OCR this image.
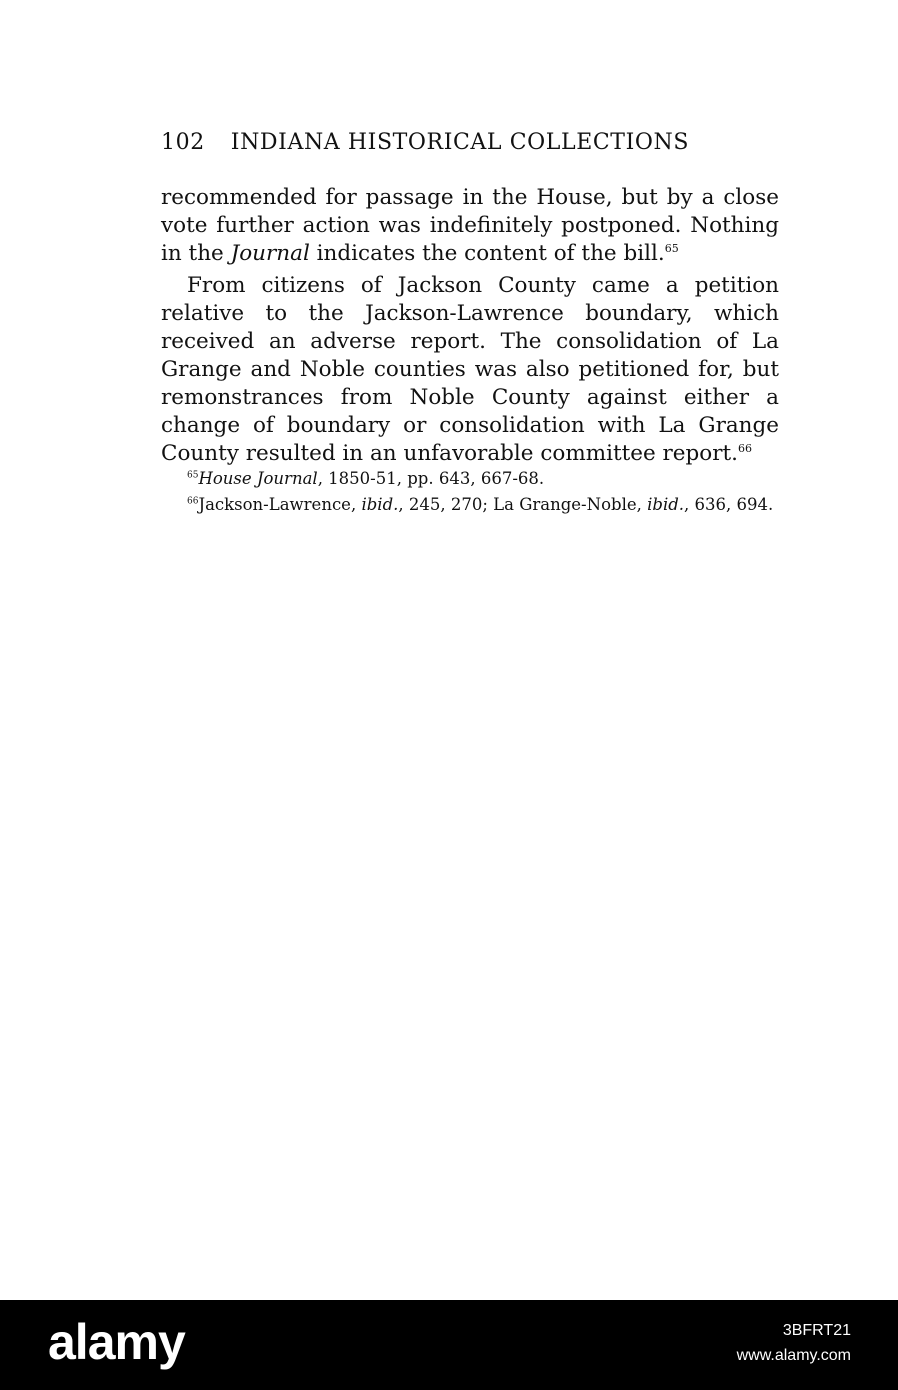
102 INDIANA HISTORICAL COLLECTIONS

recommended for passage in the House, but by a close vote further action was indefinitely postponed. Nothing in the Journal indicates the content of the bill.$^{65}$

From citizens of Jackson County came a petition relative to the Jackson-Lawrence boundary, which received an adverse report. The consolidation of La Grange and Noble counties was also petitioned for, but remonstrances from Noble County against either a change of boundary or consolidation with La Grange County resulted in an unfavorable committee report.$^{66}$

$^{65}$House Journal, 1850-51, pp. 643, 667-68.

$^{66}$Jackson-Lawrence, ibid., 245, 270; La Grange-Noble, ibid., 636, 694.

alamy	3BFRT21
www.alamy.com
